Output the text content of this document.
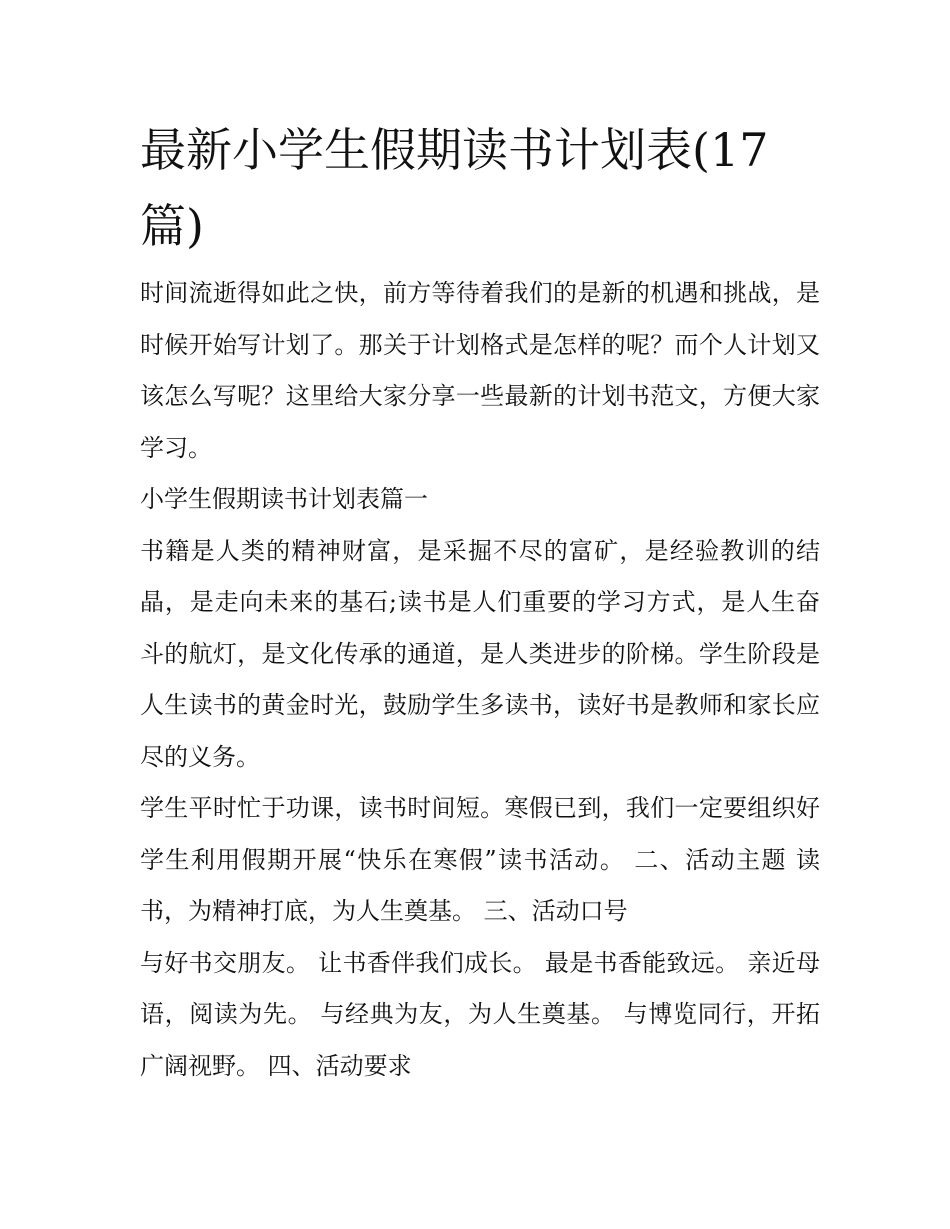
最新小学生假期读书计划表(17篇)

时间流逝得如此之快，前方等待着我们的是新的机遇和挑战，是时候开始写计划了。那关于计划格式是怎样的呢？而个人计划又该怎么写呢？这里给大家分享一些最新的计划书范文，方便大家学习。

小学生假期读书计划表篇一

书籍是人类的精神财富，是采掘不尽的富矿，是经验教训的结晶，是走向未来的基石;读书是人们重要的学习方式，是人生奋斗的航灯，是文化传承的通道，是人类进步的阶梯。学生阶段是人生读书的黄金时光，鼓励学生多读书，读好书是教师和家长应尽的义务。

学生平时忙于功课，读书时间短。寒假已到，我们一定要组织好学生利用假期开展“快乐在寒假”读书活动。 二、活动主题 读书，为精神打底，为人生奠基。 三、活动口号

与好书交朋友。 让书香伴我们成长。 最是书香能致远。 亲近母语，阅读为先。 与经典为友，为人生奠基。 与博览同行，开拓广阔视野。 四、活动要求
